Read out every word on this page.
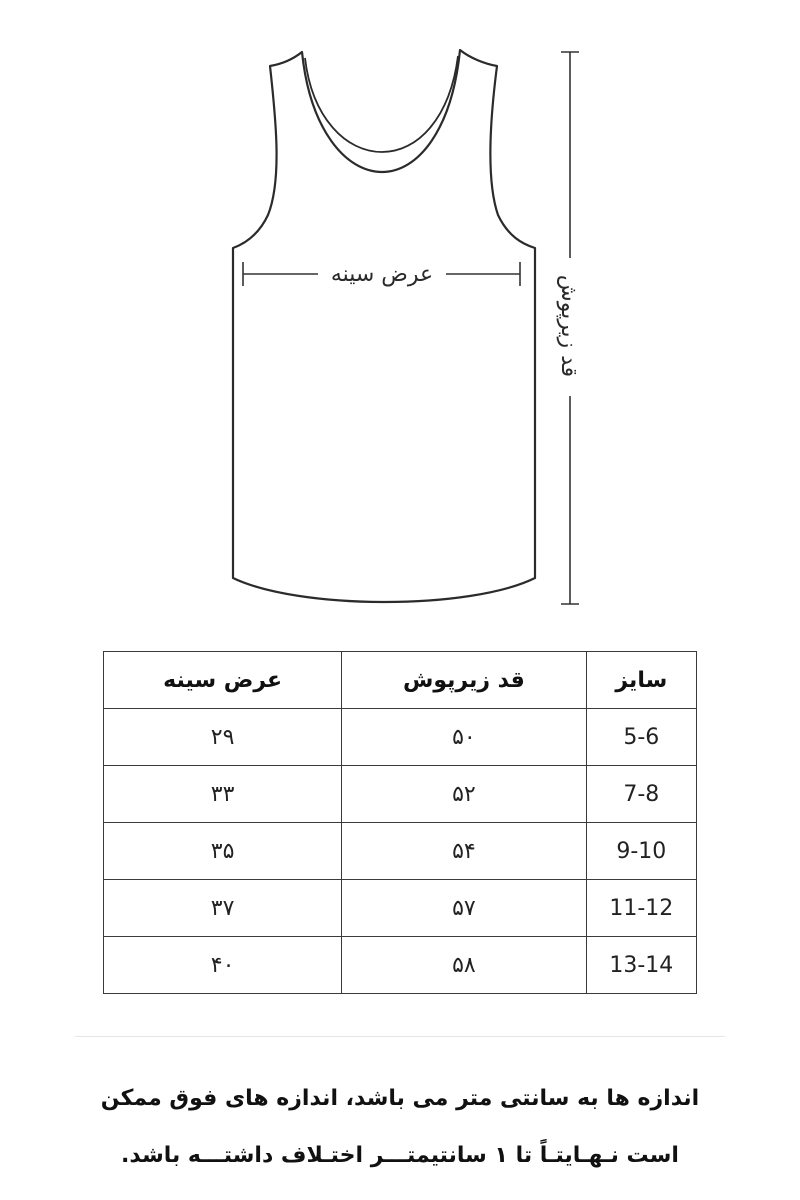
عرض سینه
قد زیرپوش
سایز	قد زیرپوش	عرض سینه
5-6	۵۰	۲۹
7-8	۵۲	۳۳
9-10	۵۴	۳۵
11-12	۵۷	۳۷
13-14	۵۸	۴۰
اندازه ها به سانتی متر می باشد، اندازه های فوق ممکن
است نـهـایتـاً تا ۱ سانتیمتـــر اختـلاف داشتـــه باشد.
